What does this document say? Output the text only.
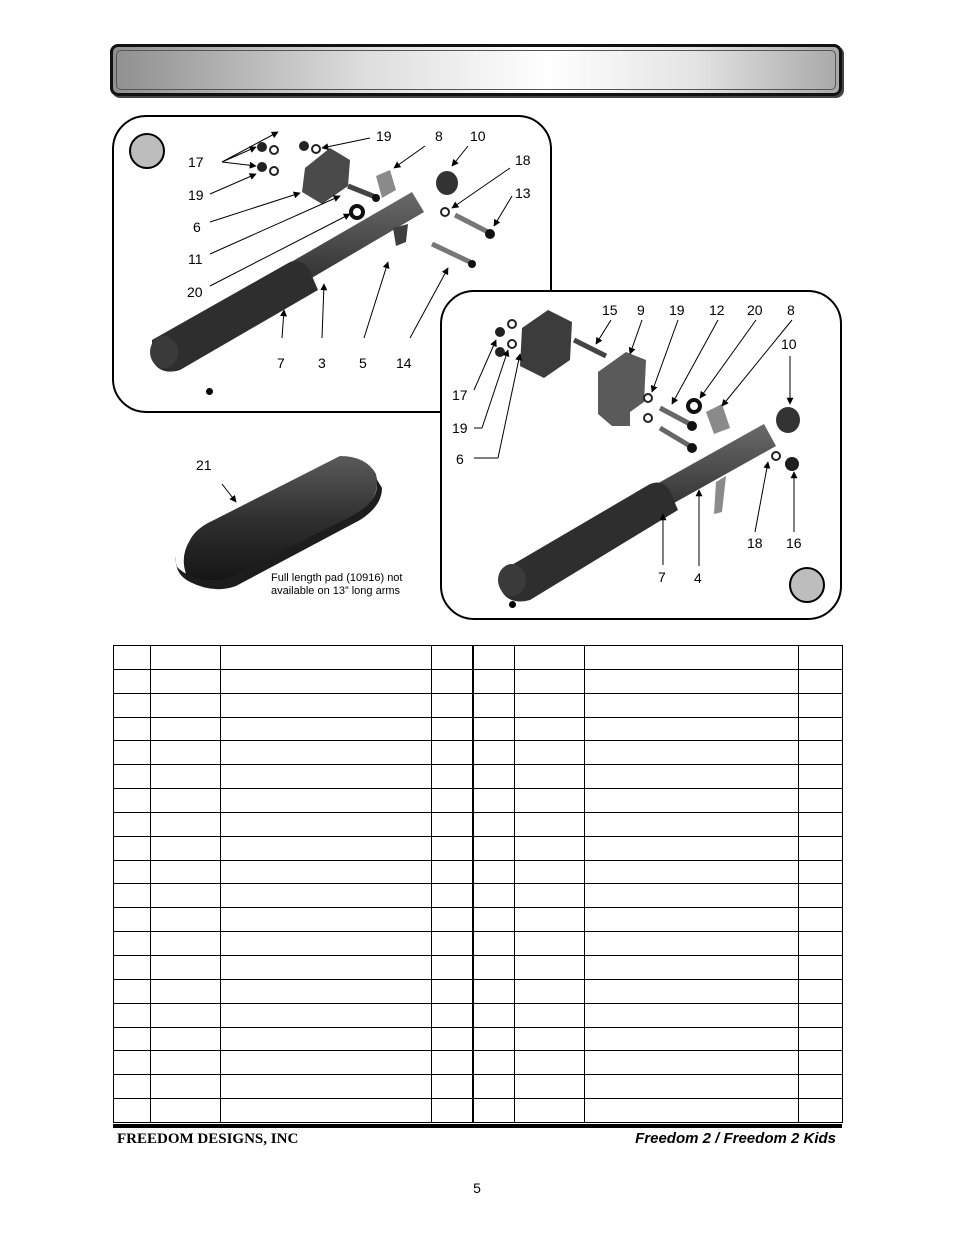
17
19
6
11
20
19	8 10
18
13
7 3 5 14
15 9 19 12 20 8
10
17
19
6
18 16
7 4
21
Full length pad (10916) not
available on 13” long arms

FREEDOM DESIGNS, INC	Freedom 2 / Freedom 2 Kids
5
